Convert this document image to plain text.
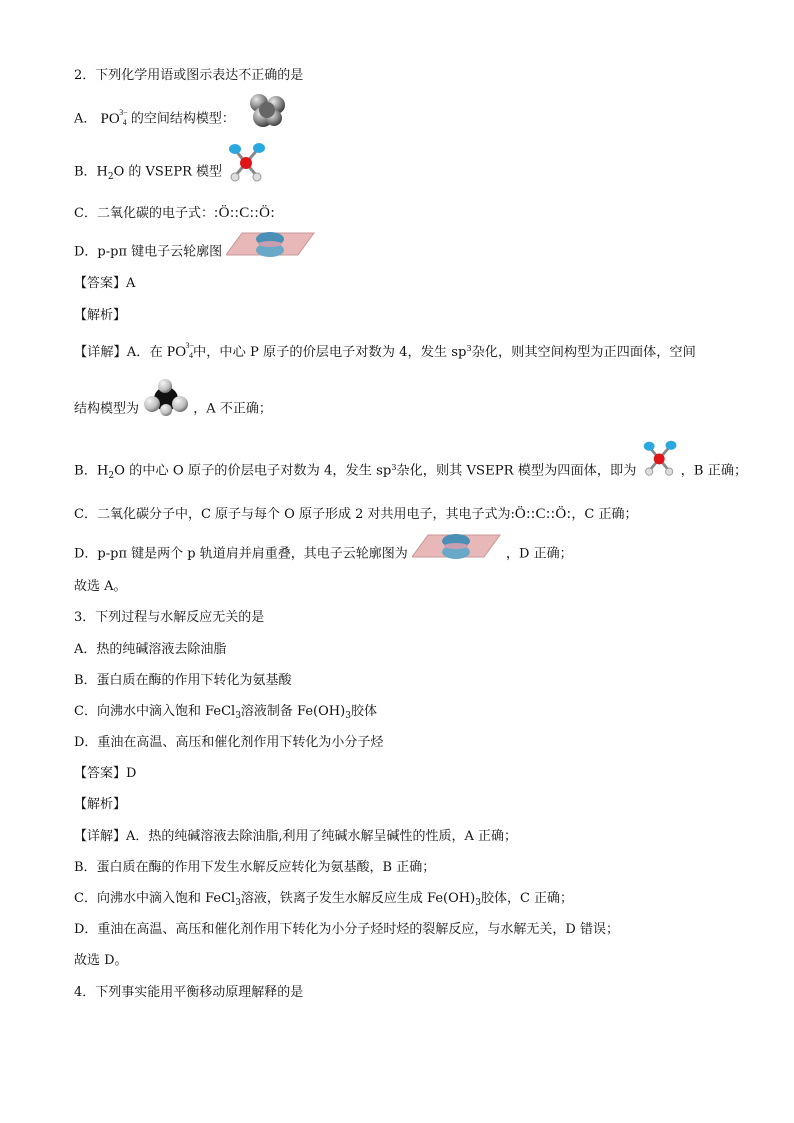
2．下列化学用语或图示表达不正确的是
A． PO 3−
4 的空间结构模型：
B．$H_2O$ 的 VSEPR 模型
C．二氧化碳的电子式：:Ö::C::Ö:
D．p-pπ 键电子云轮廓图
【答案】A
【解析】
【详解】A．在 PO 3−
4 中，中心 P 原子的价层电子对数为 4，发生 $sp^3$杂化，则其空间构型为正四面体，空间
结构模型为	，A 不正确；
B．$H_2O$ 的中心 O 原子的价层电子对数为 4，发生 $sp^3$杂化，则其 VSEPR 模型为四面体，即为	，B 正确；
C．二氧化碳分子中，C 原子与每个 O 原子形成 2 对共用电子，其电子式为:Ö::C::Ö:，C 正确；
D．p-pπ 键是两个 p 轨道肩并肩重叠，其电子云轮廓图为	，D 正确；
故选 A。
3．下列过程与水解反应无关的是
A．热的纯碱溶液去除油脂
B．蛋白质在酶的作用下转化为氨基酸
C．向沸水中滴入饱和 FeCl$_3$溶液制备 $Fe(OH)_3$胶体
D．重油在高温、高压和催化剂作用下转化为小分子烃
【答案】D
【解析】
【详解】A．热的纯碱溶液去除油脂,利用了纯碱水解呈碱性的性质，A 正确；
B．蛋白质在酶的作用下发生水解反应转化为氨基酸，B 正确；
C．向沸水中滴入饱和 FeCl$_3$溶液，铁离子发生水解反应生成 $Fe(OH)_3$胶体，C 正确；
D．重油在高温、高压和催化剂作用下转化为小分子烃时烃的裂解反应，与水解无关，D 错误；
故选 D。
4．下列事实能用平衡移动原理解释的是
